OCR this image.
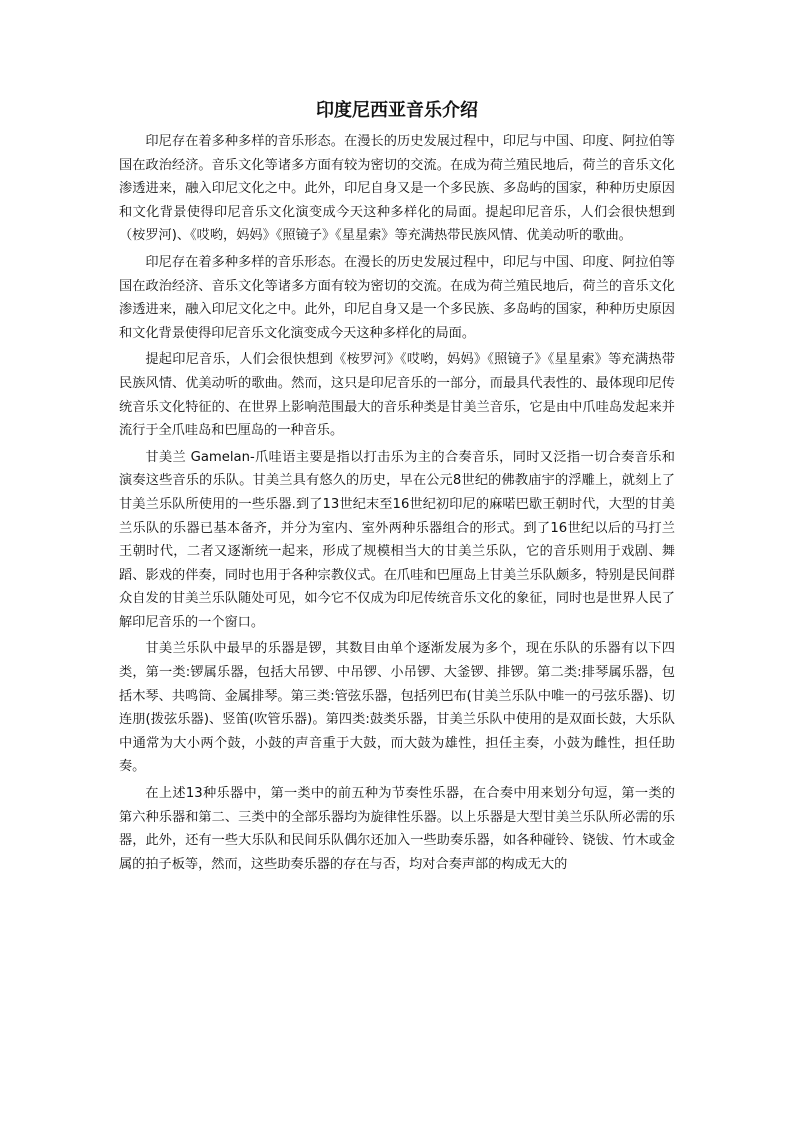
印度尼西亚音乐介绍

印尼存在着多种多样的音乐形态。在漫长的历史发展过程中，印尼与中国、印度、阿拉伯等国在政治经济。音乐文化等诸多方面有较为密切的交流。在成为荷兰殖民地后，荷兰的音乐文化渗透进来，融入印尼文化之中。此外，印尼自身又是一个多民族、多岛屿的国家，种种历史原因和文化背景使得印尼音乐文化演变成今天这种多样化的局面。提起印尼音乐，人们会很快想到（桉罗河)、《哎哟，妈妈》《照镜子》《星星索》等充满热带民族风情、优美动听的歌曲。

印尼存在着多种多样的音乐形态。在漫长的历史发展过程中，印尼与中国、印度、阿拉伯等国在政治经济、音乐文化等诸多方面有较为密切的交流。在成为荷兰殖民地后，荷兰的音乐文化渗透进来，融入印尼文化之中。此外，印尼自身又是一个多民族、多岛屿的国家，种种历史原因和文化背景使得印尼音乐文化演变成今天这种多样化的局面。

提起印尼音乐，人们会很快想到《桉罗河》《哎哟，妈妈》《照镜子》《星星索》等充满热带民族风情、优美动听的歌曲。然而，这只是印尼音乐的一部分，而最具代表性的、最体现印尼传统音乐文化特征的、在世界上影响范围最大的音乐种类是甘美兰音乐，它是由中爪哇岛发起来并流行于全爪哇岛和巴厘岛的一种音乐。

甘美兰 Gamelan-爪哇语主要是指以打击乐为主的合奏音乐，同时又泛指一切合奏音乐和演奏这些音乐的乐队。甘美兰具有悠久的历史，早在公元8世纪的佛教庙宇的浮雕上，就刻上了甘美兰乐队所使用的一些乐器.到了13世纪末至16世纪初印尼的麻喏巴歇王朝时代，大型的甘美兰乐队的乐器已基本备齐，并分为室内、室外两种乐器组合的形式。到了16世纪以后的马打兰王朝时代，二者又逐渐统一起来，形成了规模相当大的甘美兰乐队，它的音乐则用于戏剧、舞蹈、影戏的伴奏，同时也用于各种宗教仪式。在爪哇和巴厘岛上甘美兰乐队颇多，特别是民间群众自发的甘美兰乐队随处可见，如今它不仅成为印尼传统音乐文化的象征，同时也是世界人民了解印尼音乐的一个窗口。

甘美兰乐队中最早的乐器是锣，其数目由单个逐渐发展为多个，现在乐队的乐器有以下四类，第一类:锣属乐器，包括大吊锣、中吊锣、小吊锣、大釜锣、排锣。第二类:排琴属乐器，包括木琴、共鸣筒、金属排琴。第三类:管弦乐器，包括列巴布(甘美兰乐队中唯一的弓弦乐器)、切连朋(拨弦乐器)、竖笛(吹管乐器)。第四类:鼓类乐器，甘美兰乐队中使用的是双面长鼓，大乐队中通常为大小两个鼓，小鼓的声音重于大鼓，而大鼓为雄性，担任主奏，小鼓为雌性，担任助奏。

在上述13种乐器中，第一类中的前五种为节奏性乐器，在合奏中用来划分句逗，第一类的第六种乐器和第二、三类中的全部乐器均为旋律性乐器。以上乐器是大型甘美兰乐队所必需的乐器，此外，还有一些大乐队和民间乐队偶尔还加入一些助奏乐器，如各种碰铃、铙钹、竹木或金属的拍子板等，然而，这些助奏乐器的存在与否，均对合奏声部的构成无大的
